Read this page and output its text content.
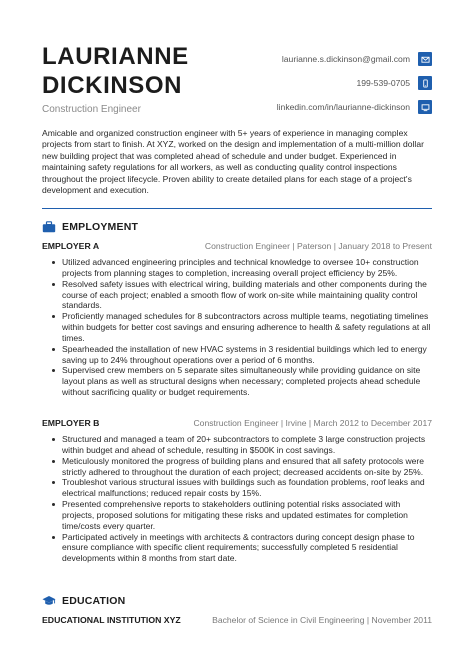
LAURIANNE
DICKINSON
Construction Engineer
laurianne.s.dickinson@gmail.com
199-539-0705
linkedin.com/in/laurianne-dickinson

Amicable and organized construction engineer with 5+ years of experience in managing complex projects from start to finish. At XYZ, worked on the design and implementation of a multi-million dollar new building project that was completed ahead of schedule and under budget. Experienced in maintaining safety regulations for all workers, as well as conducting quality control inspections throughout the project lifecycle. Proven ability to create detailed plans for each stage of a project's development and execution.

EMPLOYMENT
EMPLOYER A	Construction Engineer | Paterson | January 2018 to Present
Utilized advanced engineering principles and technical knowledge to oversee 10+ construction projects from planning stages to completion, increasing overall project efficiency by 25%.
Resolved safety issues with electrical wiring, building materials and other components during the course of each project; enabled a smooth flow of work on-site while maintaining quality control standards.
Proficiently managed schedules for 8 subcontractors across multiple teams, negotiating timelines within budgets for better cost savings and ensuring adherence to health & safety regulations at all times.
Spearheaded the installation of new HVAC systems in 3 residential buildings which led to energy saving up to 24% throughout operations over a period of 6 months.
Supervised crew members on 5 separate sites simultaneously while providing guidance on site layout plans as well as structural designs when necessary; completed projects ahead schedule without sacrificing quality or budget requirements.
EMPLOYER B	Construction Engineer | Irvine | March 2012 to December 2017
Structured and managed a team of 20+ subcontractors to complete 3 large construction projects within budget and ahead of schedule, resulting in $500K in cost savings.
Meticulously monitored the progress of building plans and ensured that all safety protocols were strictly adhered to throughout the duration of each project; decreased accidents on-site by 25%.
Troubleshot various structural issues with buildings such as foundation problems, roof leaks and electrical malfunctions; reduced repair costs by 15%.
Presented comprehensive reports to stakeholders outlining potential risks associated with projects, proposed solutions for mitigating these risks and updated estimates for completion time/costs every quarter.
Participated actively in meetings with architects & contractors during concept design phase to ensure compliance with specific client requirements; successfully completed 5 residential developments within 8 months from start date.
EDUCATION
EDUCATIONAL INSTITUTION XYZ	Bachelor of Science in Civil Engineering | November 2011
